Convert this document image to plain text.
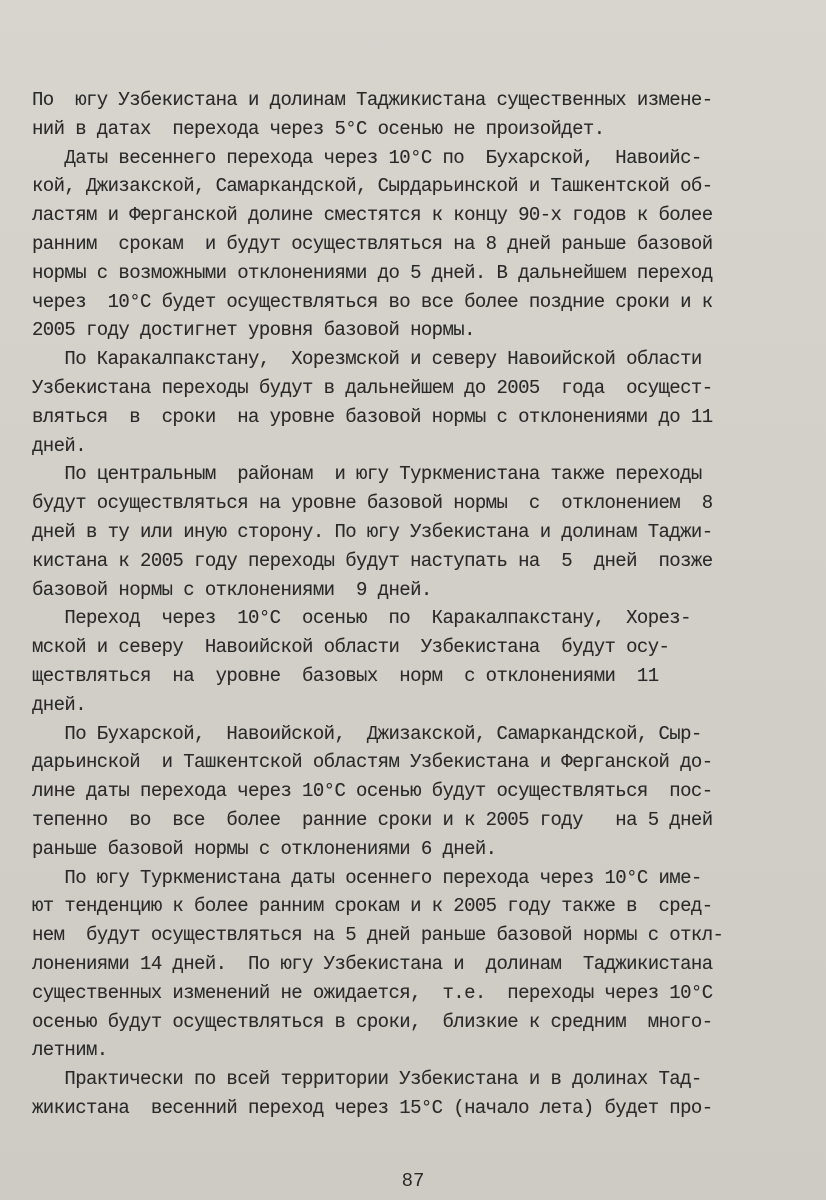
По  югу Узбекистана и долинам Таджикистана существенных измене-
ний в датах  перехода через 5°С осенью не произойдет.
Даты весеннего перехода через 10°С по  Бухарской,  Навоийс-
кой, Джизакской, Самаркандской, Сырдарьинской и Ташкентской об-
ластям и Ферганской долине сместятся к концу 90-х годов к более
ранним  срокам  и будут осуществляться на 8 дней раньше базовой
нормы с возможными отклонениями до 5 дней. В дальнейшем переход
через  10°С будет осуществляться во все более поздние сроки и к
2005 году достигнет уровня базовой нормы.
По Каракалпакстану,  Хорезмской и северу Навоийской области
Узбекистана переходы будут в дальнейшем до 2005  года  осущест-
вляться  в  сроки  на уровне базовой нормы с отклонениями до 11
дней.
По центральным  районам  и югу Туркменистана также переходы
будут осуществляться на уровне базовой нормы  с  отклонением  8
дней в ту или иную сторону. По югу Узбекистана и долинам Таджи-
кистана к 2005 году переходы будут наступать на  5  дней  позже
базовой нормы с отклонениями  9 дней.
Переход  через  10°С  осенью  по  Каракалпакстану,  Хорез-
мской и северу  Навоийской области  Узбекистана  будут осу-
ществляться  на  уровне  базовых  норм  с отклонениями  11
дней.
По Бухарской,  Навоийской,  Джизакской, Самаркандской, Сыр-
дарьинской  и Ташкентской областям Узбекистана и Ферганской до-
лине даты перехода через 10°С осенью будут осуществляться  пос-
тепенно  во  все  более  ранние сроки и к 2005 году   на 5 дней
раньше базовой нормы с отклонениями 6 дней.
По югу Туркменистана даты осеннего перехода через 10°С име-
ют тенденцию к более ранним срокам и к 2005 году также в  сред-
нем  будут осуществляться на 5 дней раньше базовой нормы с откл-
лонениями 14 дней.  По югу Узбекистана и  долинам  Таджикистана
существенных изменений не ожидается,  т.е.  переходы через 10°С
осенью будут осуществляться в сроки,  близкие к средним  много-
летним.
Практически по всей территории Узбекистана и в долинах Тад-
жикистана  весенний переход через 15°С (начало лета) будет про-
87
